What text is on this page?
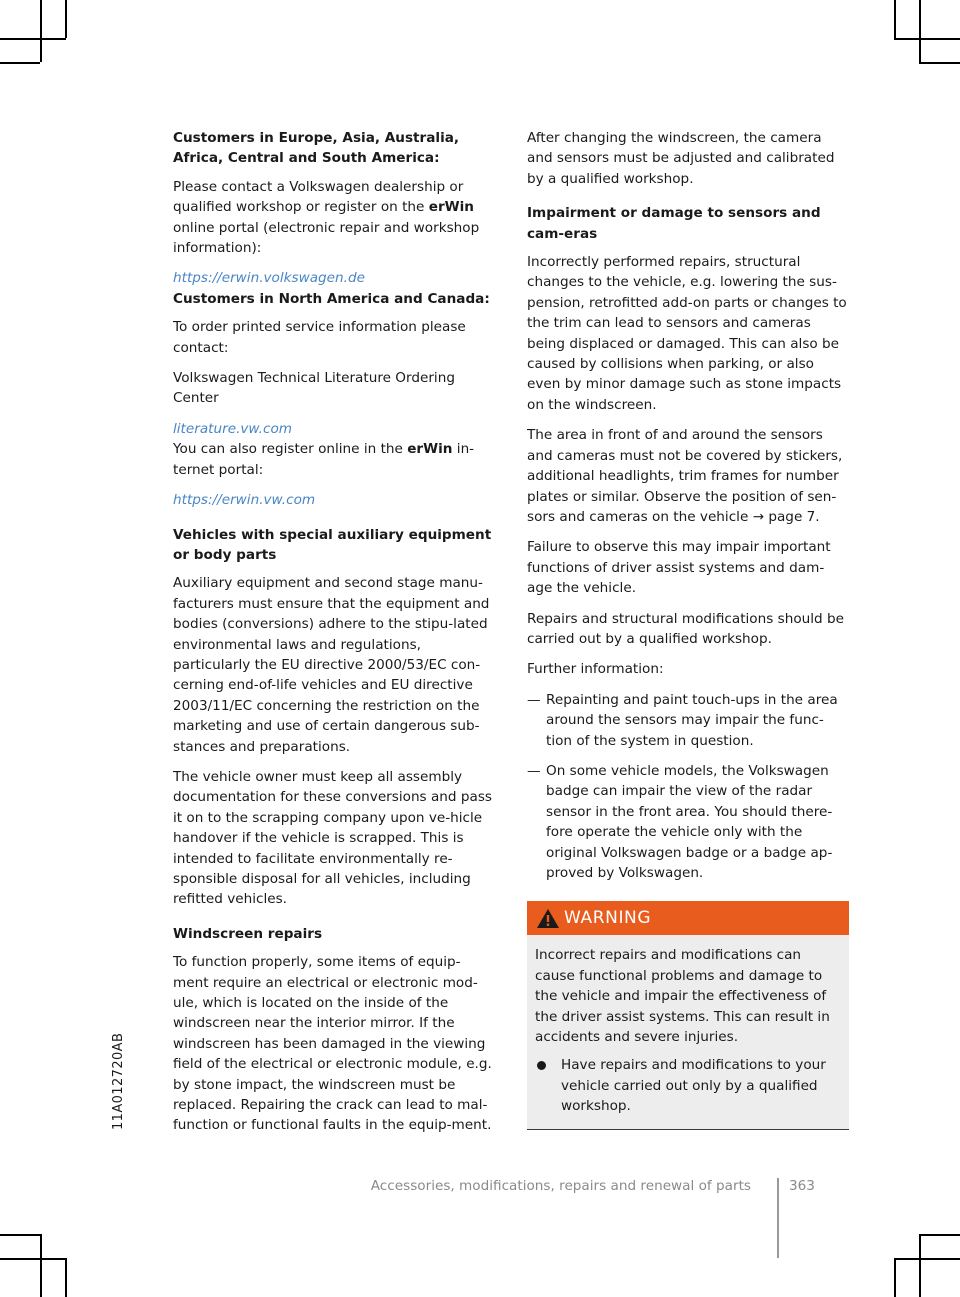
11A012720AB
Customers in Europe, Asia, Australia, Africa, Central and South America:

Please contact a Volkswagen dealership or qualified workshop or register on the erWin online portal (electronic repair and workshop information):

https://erwin.volkswagen.de

Customers in North America and Canada:

To order printed service information please contact:

Volkswagen Technical Literature Ordering Center

literature.vw.com

You can also register online in the erWin in-ternet portal:

https://erwin.vw.com

Vehicles with special auxiliary equipment or body parts

Auxiliary equipment and second stage manu-facturers must ensure that the equipment and bodies (conversions) adhere to the stipu-lated environmental laws and regulations, particularly the EU directive 2000/53/EC con-cerning end-of-life vehicles and EU directive 2003/11/EC concerning the restriction on the marketing and use of certain dangerous sub-stances and preparations.

The vehicle owner must keep all assembly documentation for these conversions and pass it on to the scrapping company upon ve-hicle handover if the vehicle is scrapped. This is intended to facilitate environmentally re-sponsible disposal for all vehicles, including refitted vehicles.

Windscreen repairs

To function properly, some items of equip-ment require an electrical or electronic mod-ule, which is located on the inside of the windscreen near the interior mirror. If the windscreen has been damaged in the viewing field of the electrical or electronic module, e.g. by stone impact, the windscreen must be replaced. Repairing the crack can lead to mal-function or functional faults in the equip-ment.

After changing the windscreen, the camera and sensors must be adjusted and calibrated by a qualified workshop.

Impairment or damage to sensors and cam-eras

Incorrectly performed repairs, structural changes to the vehicle, e.g. lowering the sus-pension, retrofitted add-on parts or changes to the trim can lead to sensors and cameras being displaced or damaged. This can also be caused by collisions when parking, or also even by minor damage such as stone impacts on the windscreen.

The area in front of and around the sensors and cameras must not be covered by stickers, additional headlights, trim frames for number plates or similar. Observe the position of sen-sors and cameras on the vehicle → page 7.

Failure to observe this may impair important functions of driver assist systems and dam-age the vehicle.

Repairs and structural modifications should be carried out by a qualified workshop.

Further information:

— Repainting and paint touch-ups in the area around the sensors may impair the func-tion of the system in question.
— On some vehicle models, the Volkswagen badge can impair the view of the radar sensor in the front area. You should there-fore operate the vehicle only with the original Volkswagen badge or a badge ap-proved by Volkswagen.
WARNING

Incorrect repairs and modifications can cause functional problems and damage to the vehicle and impair the effectiveness of the driver assist systems. This can result in accidents and severe injuries.

Have repairs and modifications to your vehicle carried out only by a qualified workshop.
Accessories, modifications, repairs and renewal of parts	363
